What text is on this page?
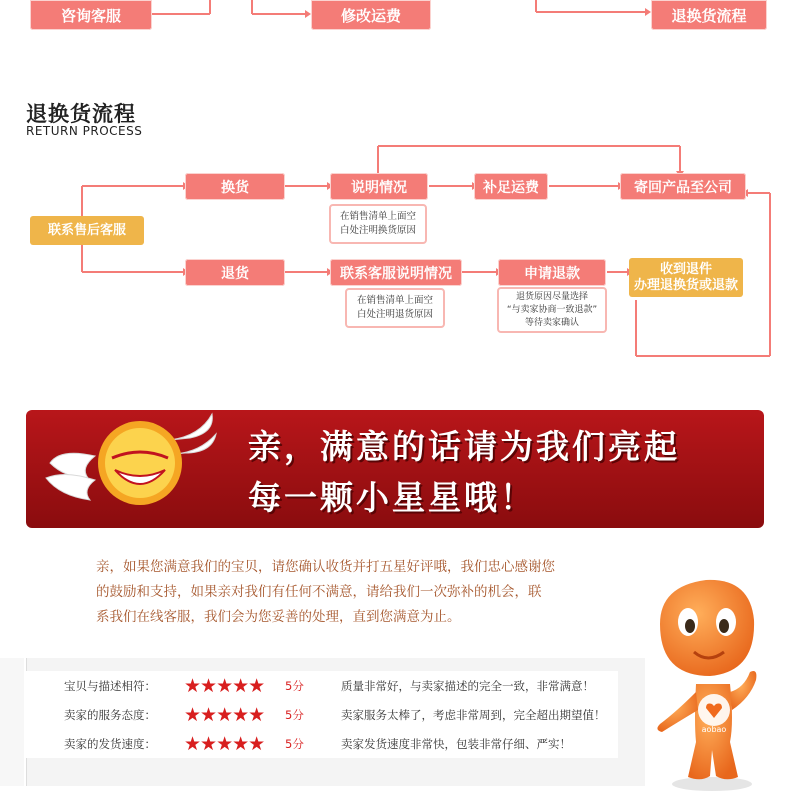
咨询客服	修改运费	退换货流程
退换货流程
RETURN PROCESS
联系售后客服
换货	说明情况
在销售清单上面空
白处注明换货原因
补足运费	寄回产品至公司
退货	联系客服说明情况
在销售清单上面空
白处注明退货原因
申请退款
退货原因尽量选择
“与卖家协商一致退款”
等待卖家确认
收到退件
办理退换货或退款
亲，满意的话请为我们亮起
每一颗小星星哦！
亲，如果您满意我们的宝贝，请您确认收货并打五星好评哦，我们忠心感谢您
的鼓励和支持，如果亲对我们有任何不满意，请给我们一次弥补的机会，联
系我们在线客服，我们会为您妥善的处理，直到您满意为止。
宝贝与描述相符： ★★★★★ 5分	质量非常好，与卖家描述的完全一致，非常满意！
卖家的服务态度： ★★★★★ 5分	卖家服务太棒了，考虑非常周到，完全超出期望值！
卖家的发货速度： ★★★★★ 5分	卖家发货速度非常快，包装非常仔细、严实！
aobao
